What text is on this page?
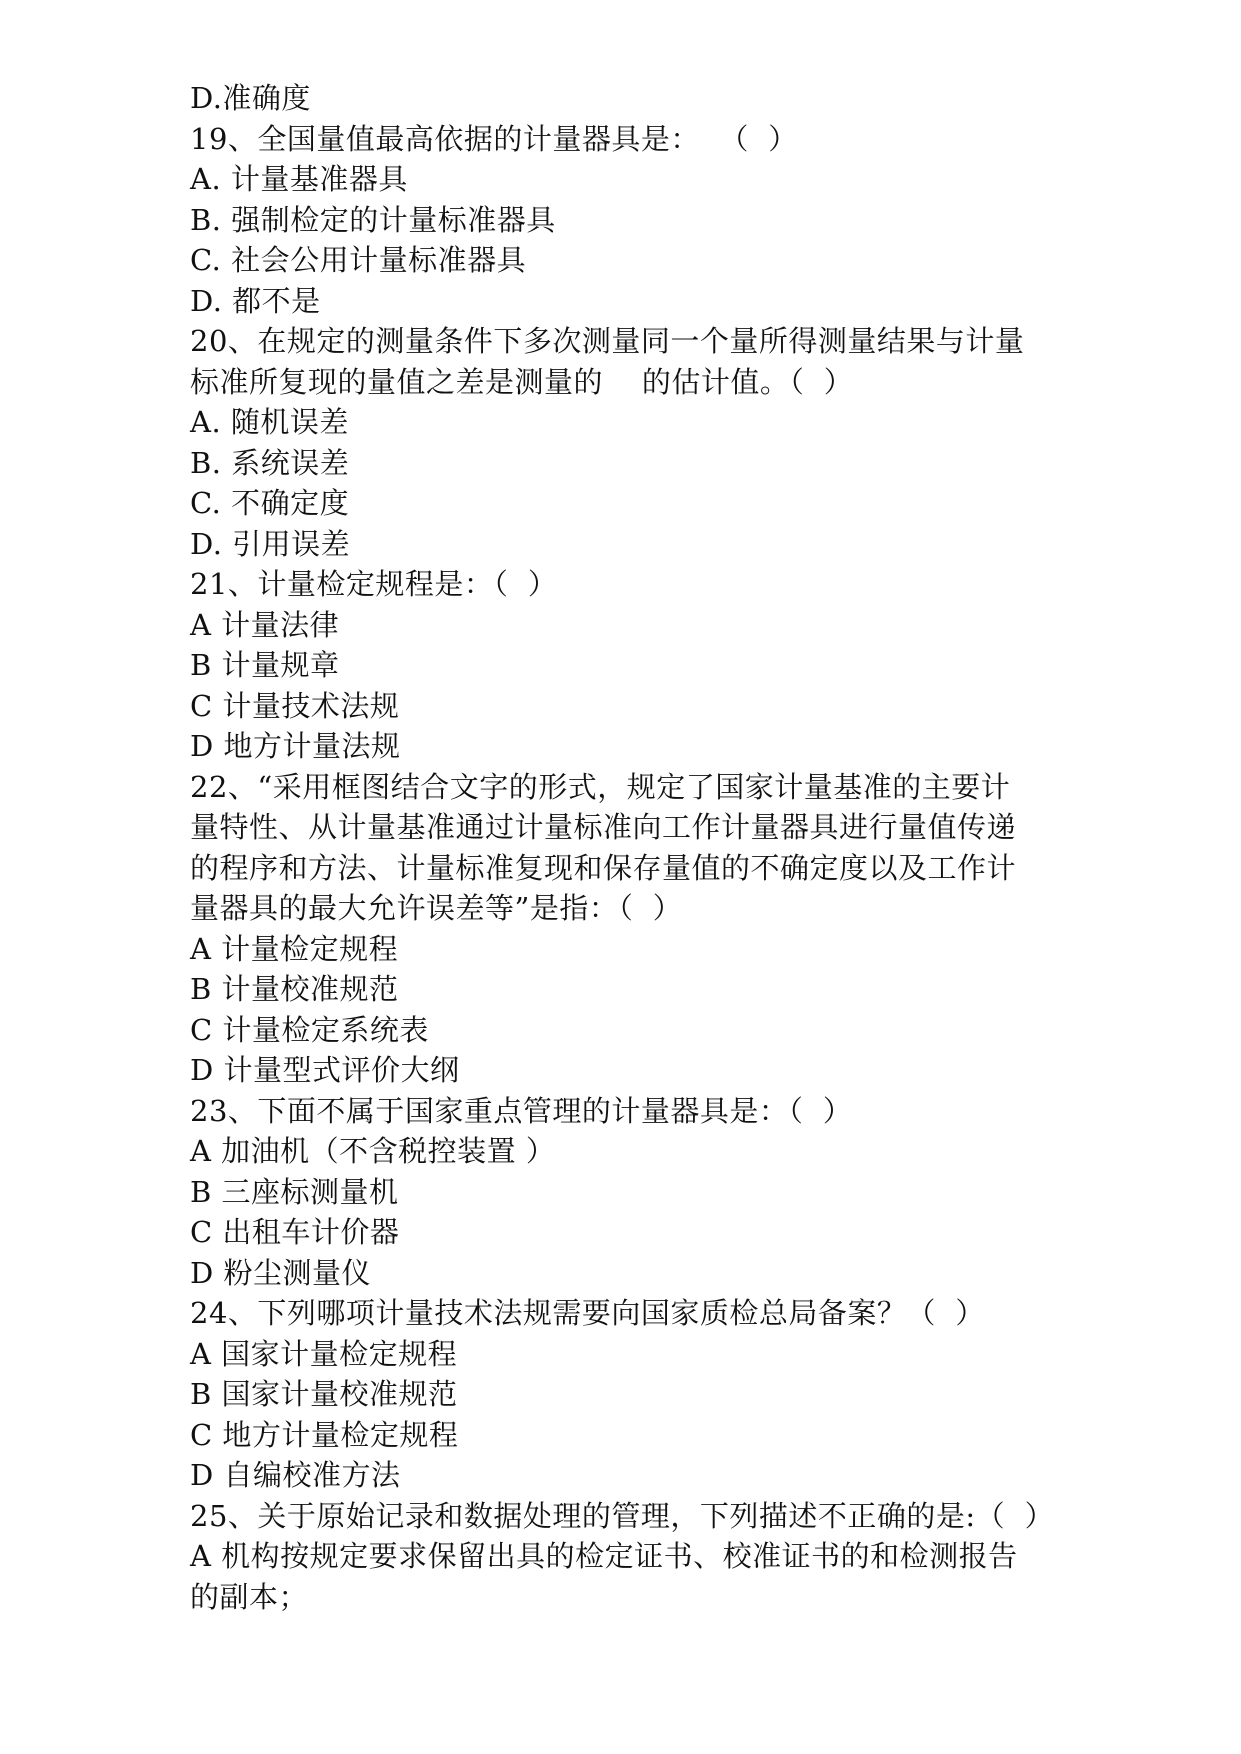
D.准确度

19、全国量值最高依据的计量器具是：  （  ）

A. 计量基准器具

B. 强制检定的计量标准器具

C. 社会公用计量标准器具

D. 都不是

20、在规定的测量条件下多次测量同一个量所得测量结果与计量

标准所复现的量值之差是测量的    的估计值。（  ）

A. 随机误差

B. 系统误差

C. 不确定度

D. 引用误差

21、计量检定规程是：（  ）

A 计量法律

B 计量规章

C 计量技术法规

D 地方计量法规

22、“采用框图结合文字的形式，规定了国家计量基准的主要计

量特性、从计量基准通过计量标准向工作计量器具进行量值传递

的程序和方法、计量标准复现和保存量值的不确定度以及工作计

量器具的最大允许误差等”是指：（  ）

A 计量检定规程

B 计量校准规范

C 计量检定系统表

D 计量型式评价大纲

23、下面不属于国家重点管理的计量器具是：（  ）

A 加油机（不含税控装置 ）

B 三座标测量机

C 出租车计价器

D 粉尘测量仪

24、下列哪项计量技术法规需要向国家质检总局备案？（  ）

A 国家计量检定规程

B 国家计量校准规范

C 地方计量检定规程

D 自编校准方法

25、关于原始记录和数据处理的管理，下列描述不正确的是:（  ）

A 机构按规定要求保留出具的检定证书、校准证书的和检测报告

的副本；
